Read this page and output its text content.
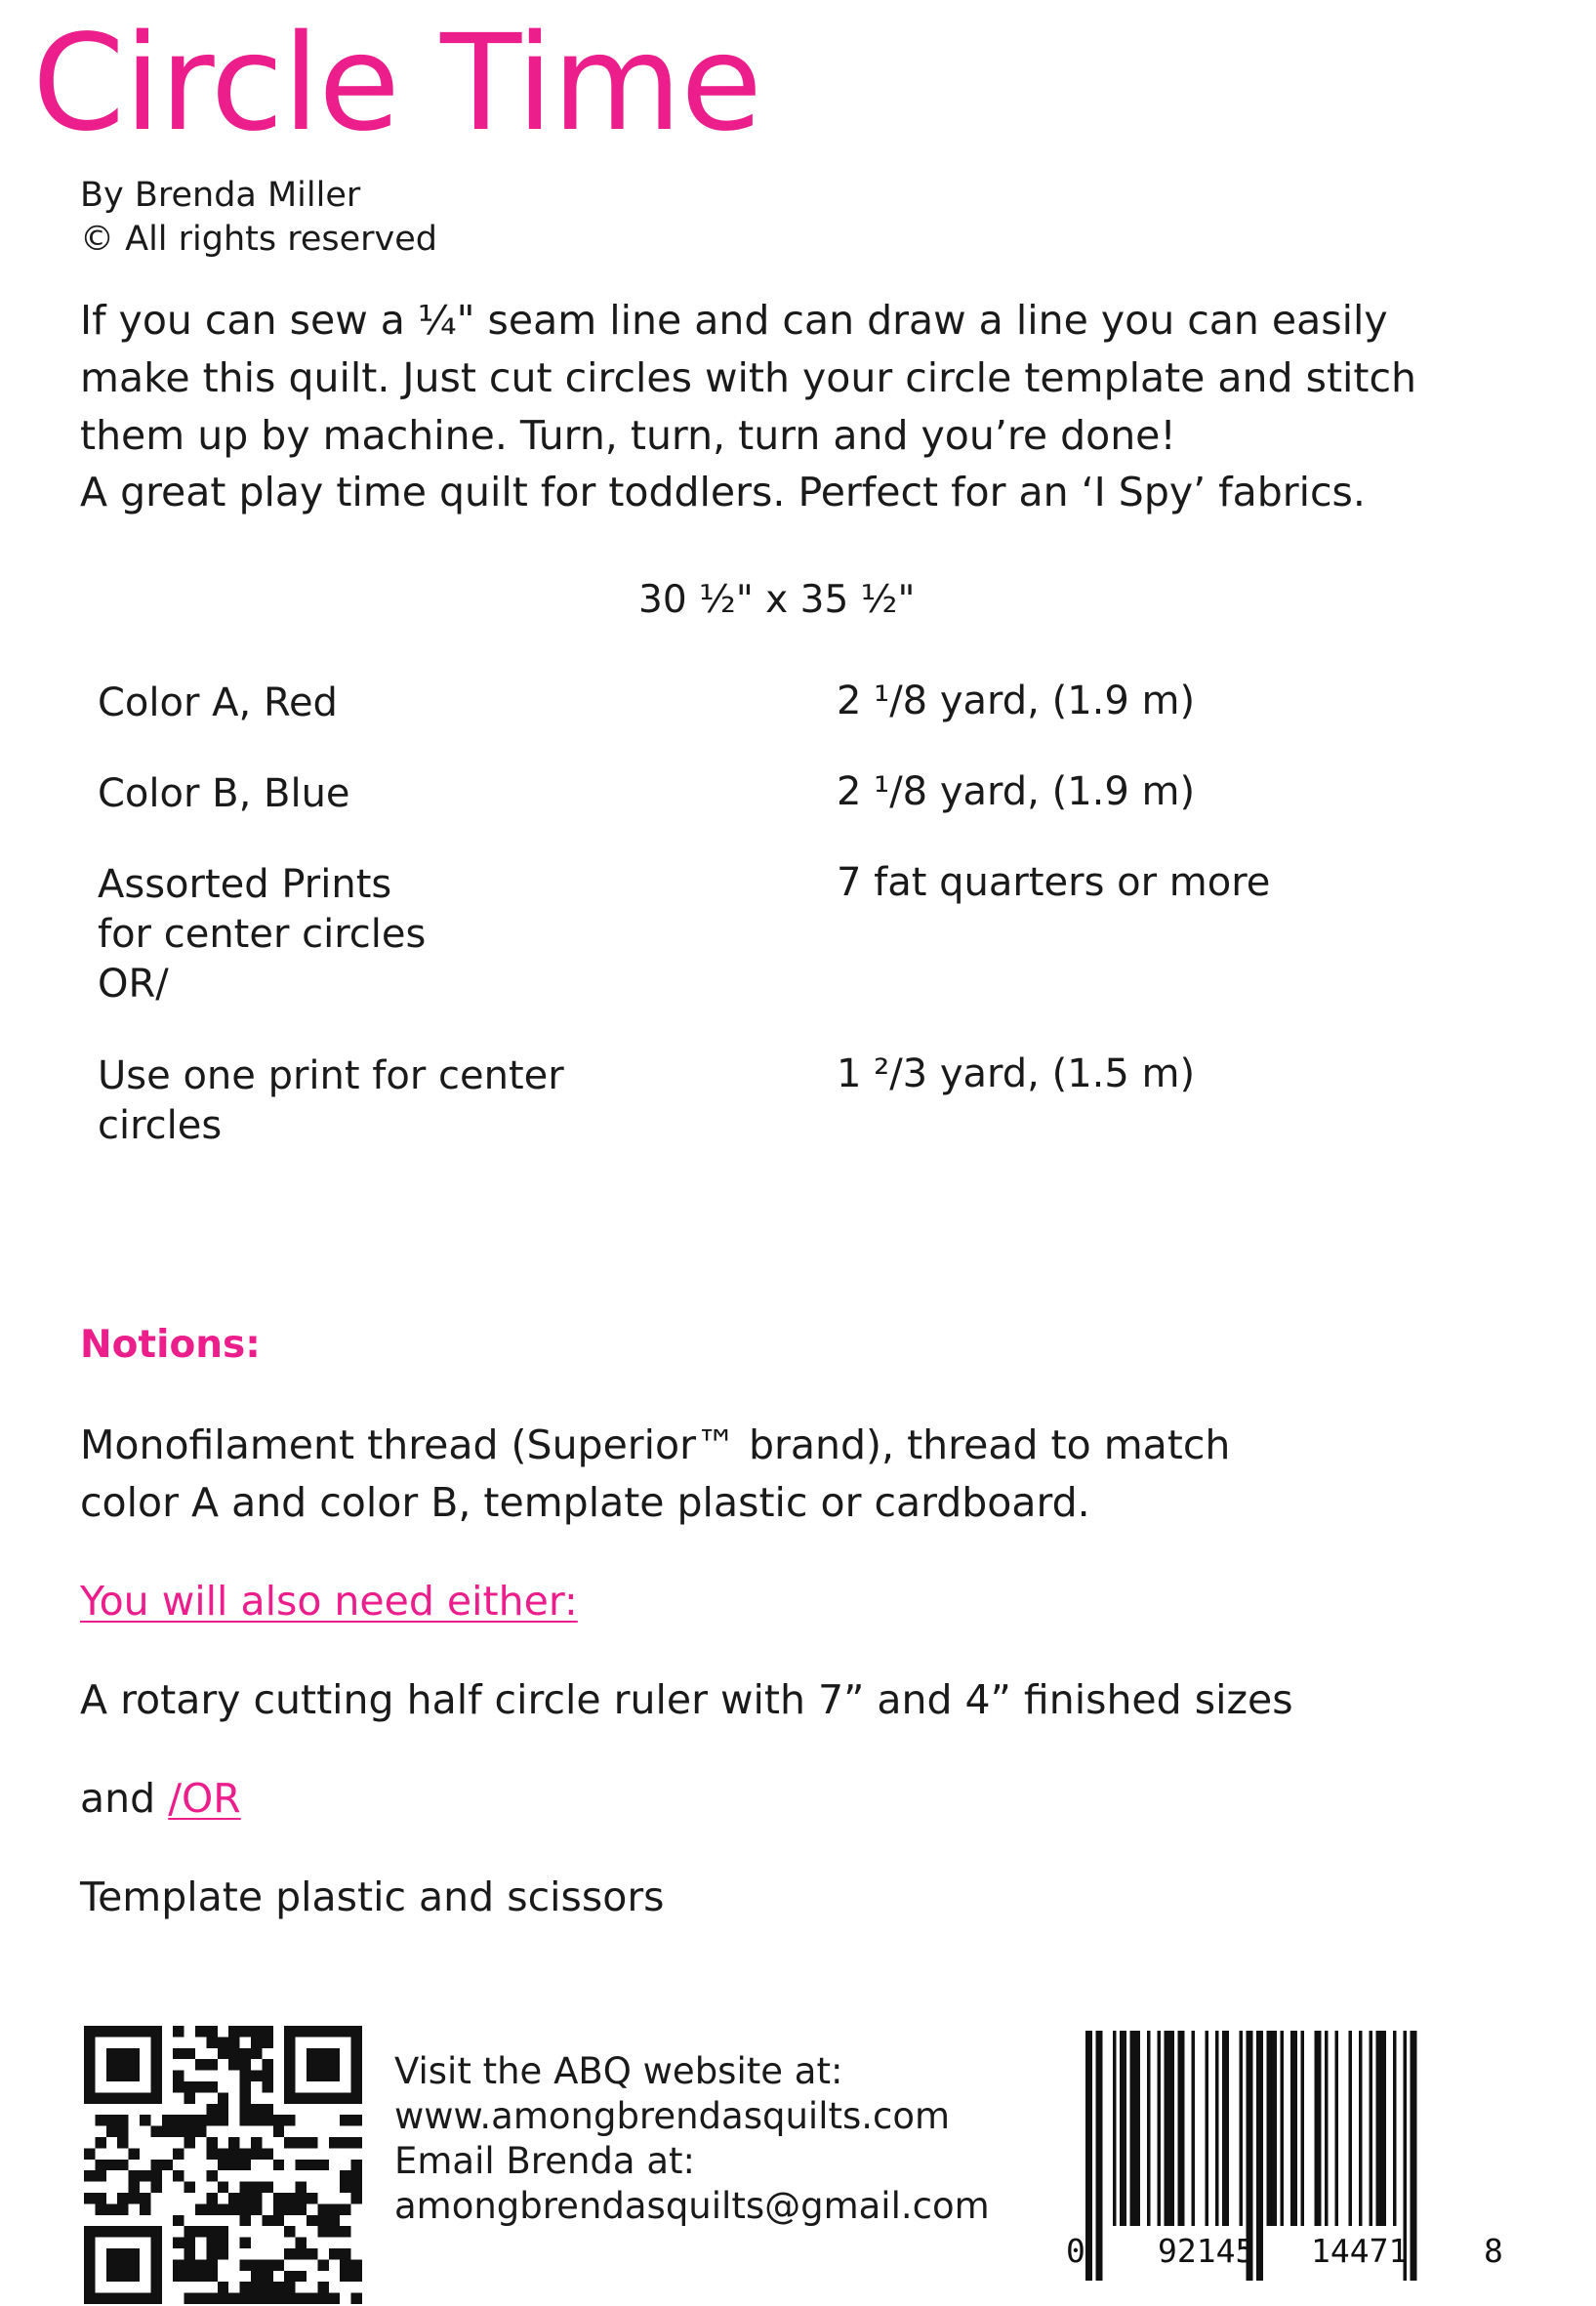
Circle Time
By Brenda Miller
© All rights reserved
If you can sew a ¼" seam line and can draw a line you can easily
make this quilt. Just cut circles with your circle template and stitch
them up by machine. Turn, turn, turn and you’re done!
A great play time quilt for toddlers. Perfect for an ‘I Spy’ fabrics.
30 ½" x 35 ½"
Color A, Red	2 ¹/8 yard, (1.9 m)
Color B, Blue	2 ¹/8 yard, (1.9 m)
Assorted Prints
for center circles
OR/
7 fat quarters or more
Use one print for center
circles
1 ²/3 yard, (1.5 m)
Notions:
Monofilament thread (Superior™ brand), thread to match
color A and color B, template plastic or cardboard.
You will also need either:
A rotary cutting half circle ruler with 7” and 4” finished sizes
and /OR
Template plastic and scissors
Visit the ABQ website at:
www.amongbrendasquilts.com
Email Brenda at:
amongbrendasquilts@gmail.com
0 92145 14471 8
